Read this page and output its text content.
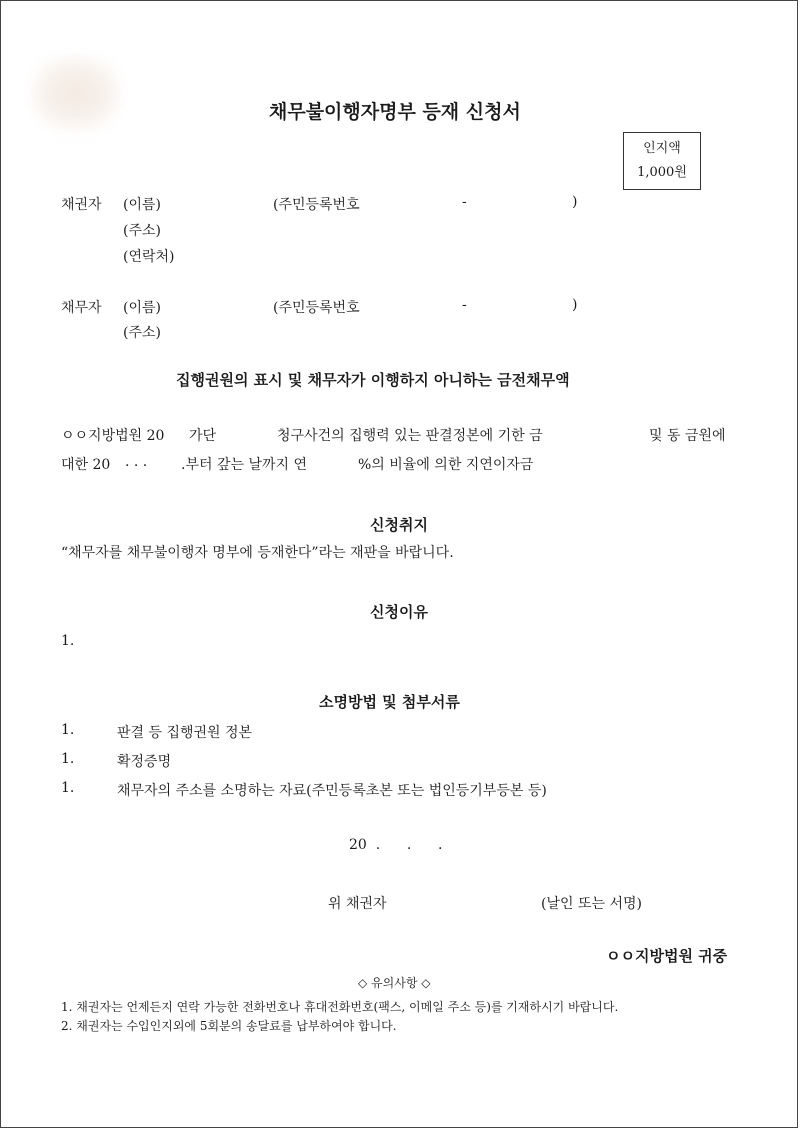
채무불이행자명부 등재 신청서
인지액
1,000원
채권자 (이름)	(주민등록번호	-	)
(주소)
(연락처)
채무자 (이름)	(주민등록번호	-	)
(주소)
집행권원의 표시 및 채무자가 이행하지 아니하는 금전채무액
ㅇㅇ지방법원 20 가단	청구사건의 집행력 있는 판결정본에 기한 금	및 동 금원에
대한 20 . . . .부터 갚는 날까지 연	%의 비율에 의한 지연이자금
신청취지
“채무자를 채무불이행자 명부에 등재한다”라는 재판을 바랍니다.
신청이유
1.
소명방법 및 첨부서류
1.	판결 등 집행권원 정본
1.	확정증명
1.	채무자의 주소를 소명하는 자료(주민등록초본 또는 법인등기부등본 등)
20  .      .      .
위 채권자	(날인 또는 서명)
ㅇㅇ지방법원 귀중
◇ 유의사항 ◇
1. 채권자는 언제든지 연락 가능한 전화번호나 휴대전화번호(팩스, 이메일 주소 등)를 기재하시기 바랍니다.
2. 채권자는 수입인지외에 5회분의 송달료를 납부하여야 합니다.
